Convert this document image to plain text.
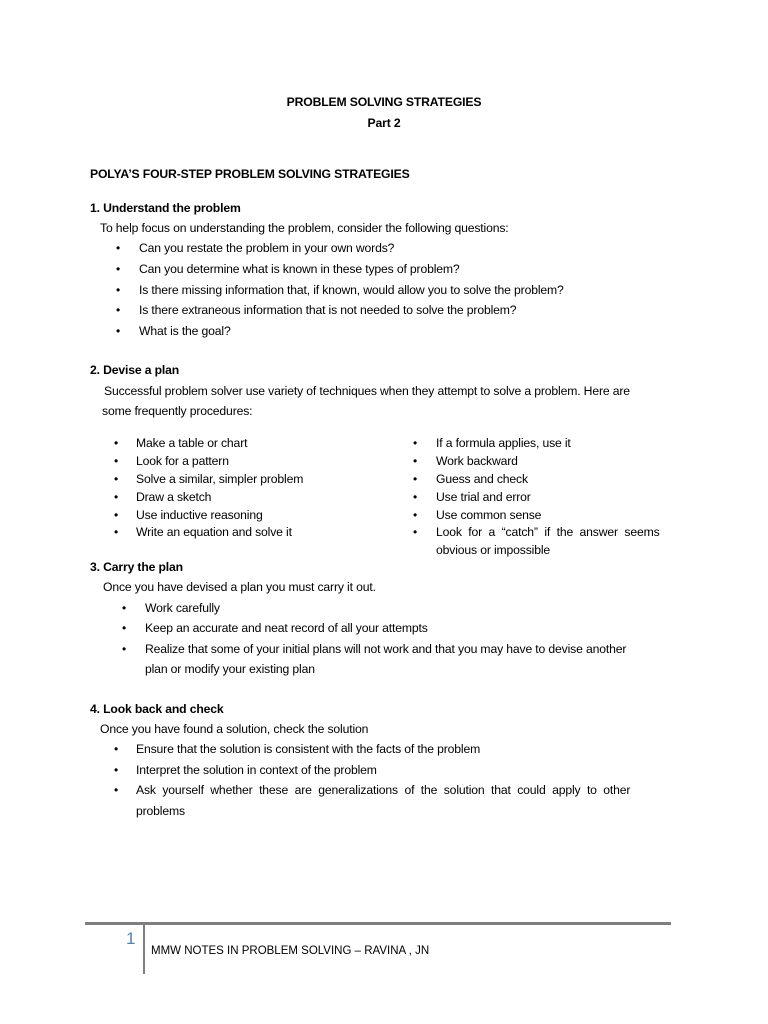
PROBLEM SOLVING STRATEGIES
Part 2
POLYA’S FOUR-STEP PROBLEM SOLVING STRATEGIES
1. Understand the problem
To help focus on understanding the problem, consider the following questions:
• Can you restate the problem in your own words?
• Can you determine what is known in these types of problem?
• Is there missing information that, if known, would allow you to solve the problem?
• Is there extraneous information that is not needed to solve the problem?
• What is the goal?
2. Devise a plan
Successful problem solver use variety of techniques when they attempt to solve a problem. Here are
some frequently procedures:
• Make a table or chart
• Look for a pattern
• Solve a similar, simpler problem
• Draw a sketch
• Use inductive reasoning
• Write an equation and solve it
• If a formula applies, use it
• Work backward
• Guess and check
• Use trial and error
• Use common sense
• Look  for  a  “catch”  if  the  answer  seems
obvious or impossible
3. Carry the plan
Once you have devised a plan you must carry it out.
• Work carefully
• Keep an accurate and neat record of all your attempts
• Realize that some of your initial plans will not work and that you may have to devise another
plan or modify your existing plan
4. Look back and check
Once you have found a solution, check the solution
• Ensure that the solution is consistent with the facts of the problem
• Interpret the solution in context of the problem
• Ask  yourself  whether  these  are  generalizations  of  the  solution  that  could  apply  to  other
problems
1
MMW NOTES IN PROBLEM SOLVING – RAVINA , JN
